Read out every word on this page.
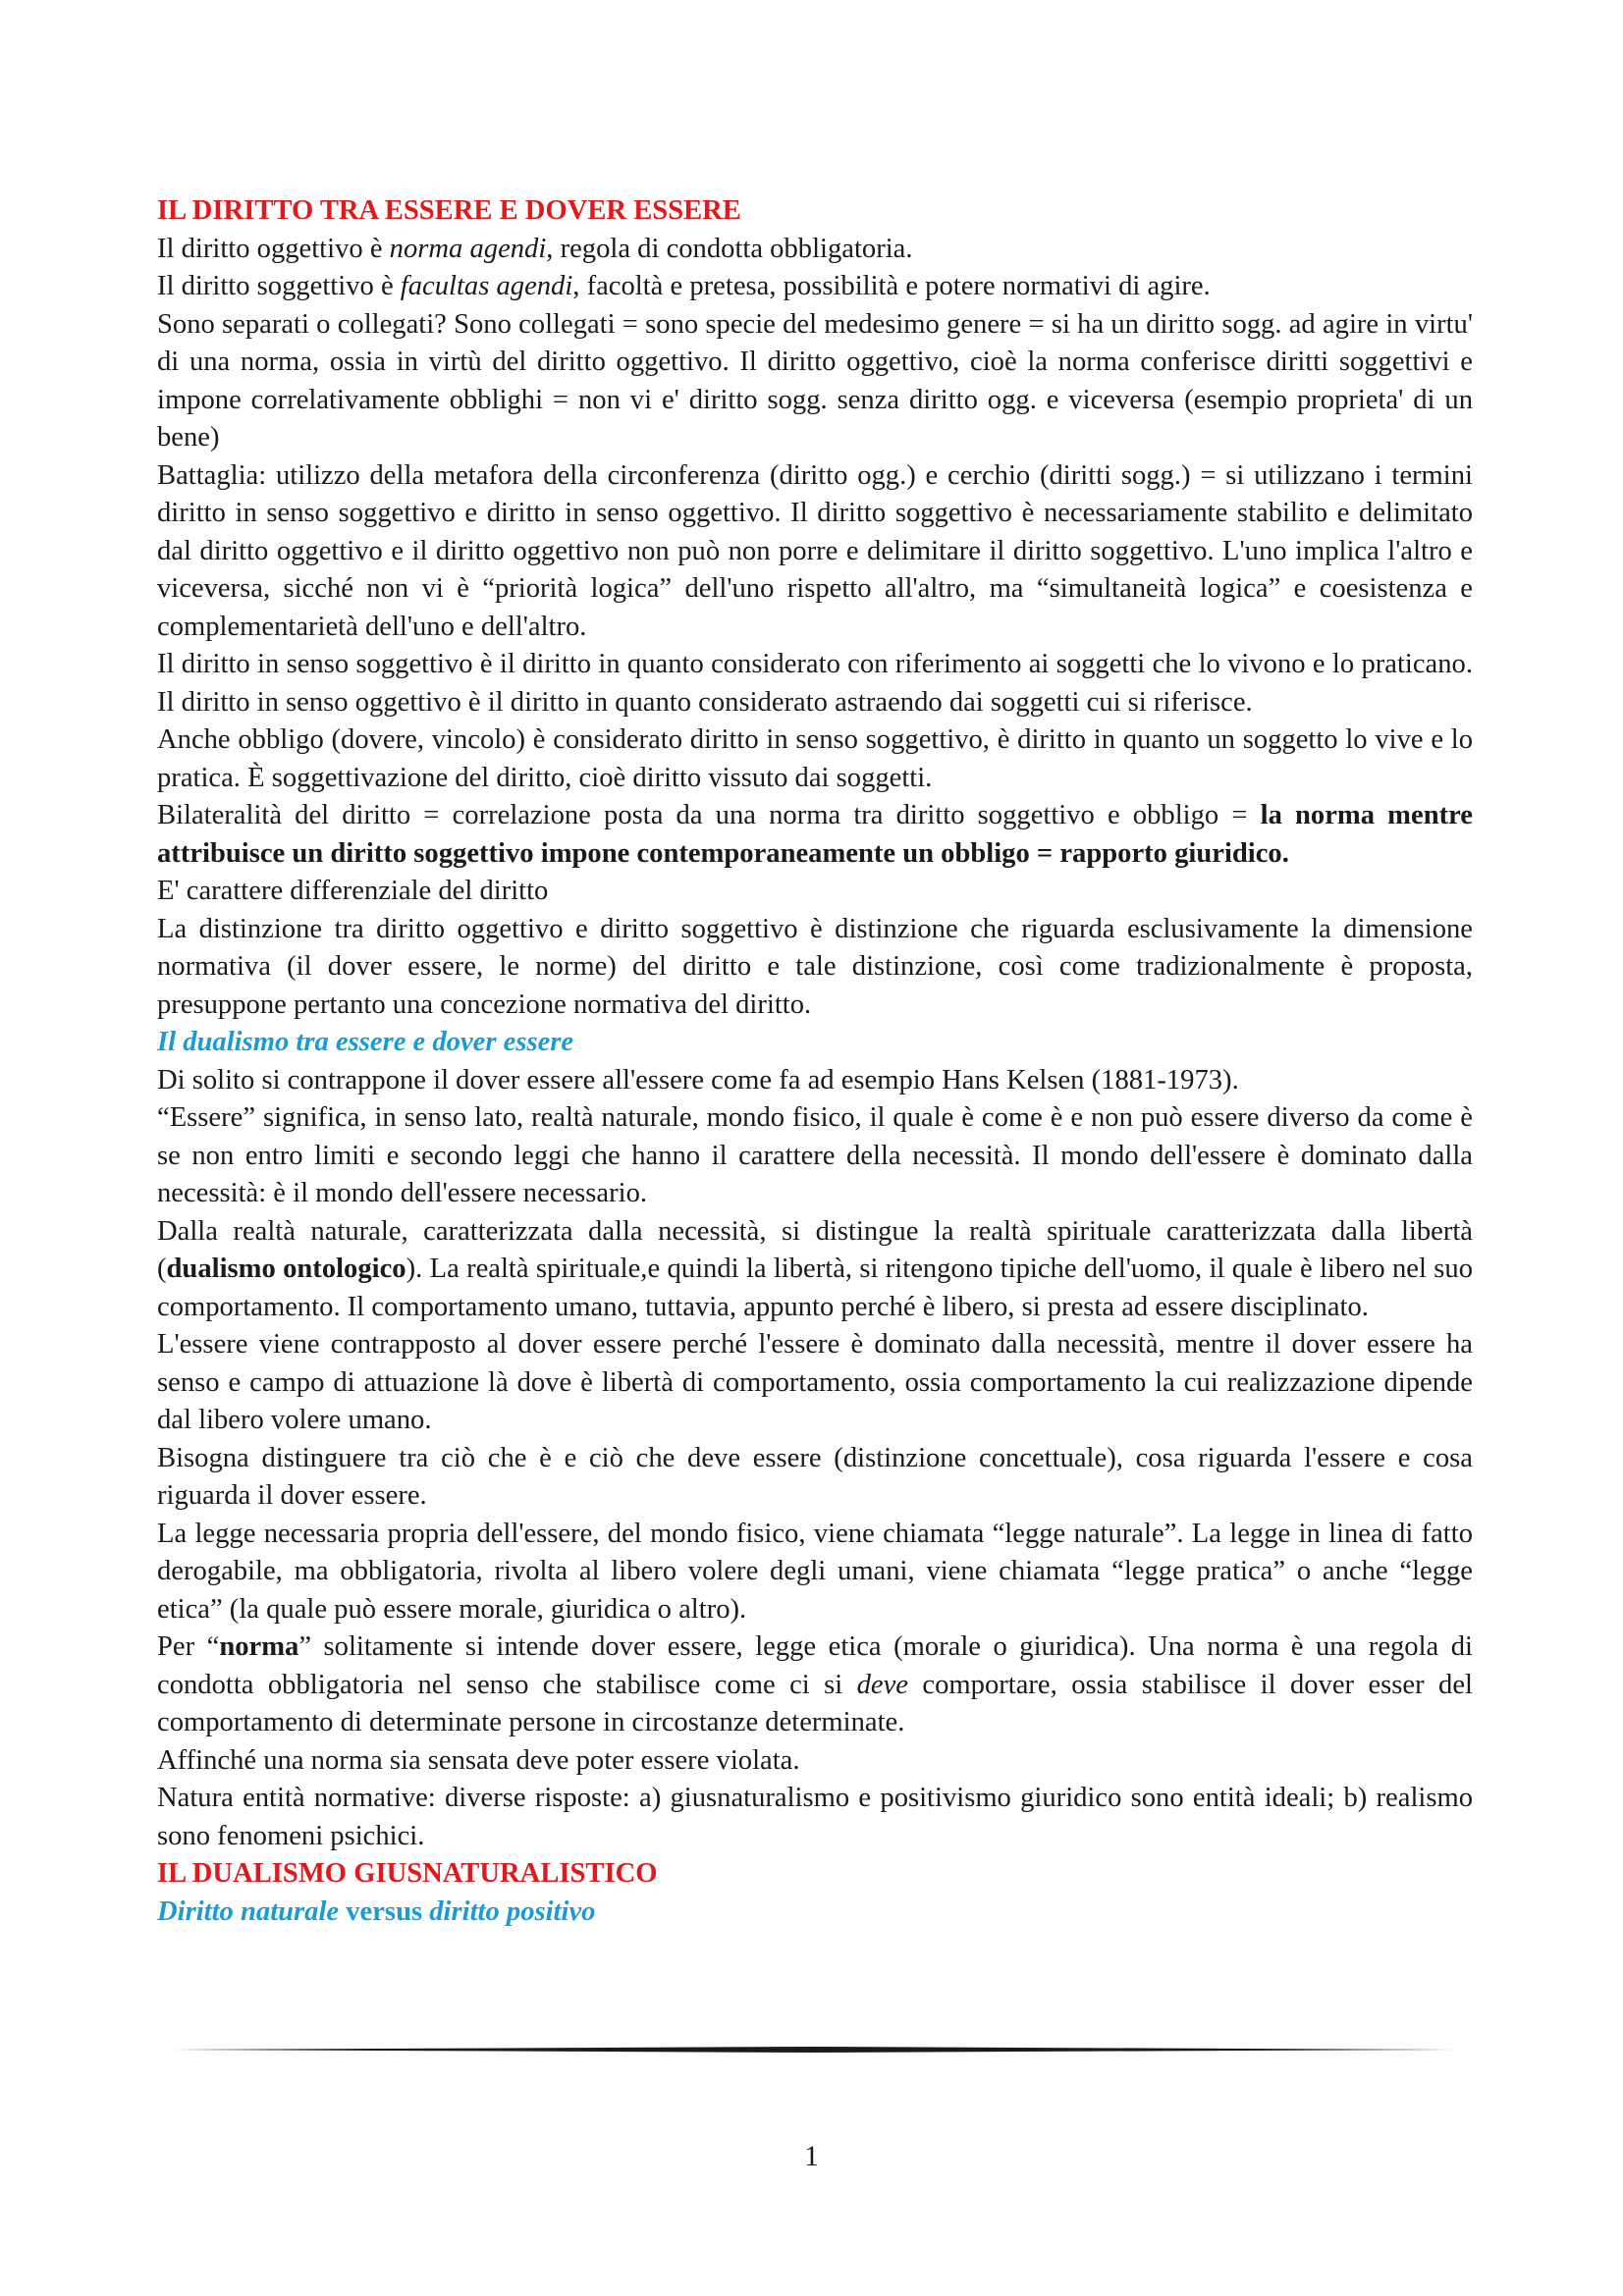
IL DIRITTO TRA ESSERE E DOVER ESSERE

Il diritto oggettivo è norma agendi, regola di condotta obbligatoria.

Il diritto soggettivo è facultas agendi, facoltà e pretesa, possibilità e potere normativi di agire.

Sono separati o collegati? Sono collegati = sono specie del medesimo genere = si ha un diritto sogg. ad agire in virtu' di una norma, ossia in virtù del diritto oggettivo. Il diritto oggettivo, cioè la norma conferisce diritti soggettivi e impone correlativamente obblighi = non vi e' diritto sogg. senza diritto ogg. e viceversa (esempio proprieta' di un bene)

Battaglia: utilizzo della metafora della circonferenza (diritto ogg.) e cerchio (diritti sogg.) = si utilizzano i termini diritto in senso soggettivo e diritto in senso oggettivo. Il diritto soggettivo è necessariamente stabilito e delimitato dal diritto oggettivo e il diritto oggettivo non può non porre e delimitare il diritto soggettivo. L'uno implica l'altro e viceversa, sicché non vi è “priorità logica” dell'uno rispetto all'altro, ma “simultaneità logica” e coesistenza e complementarietà dell'uno e dell'altro.

Il diritto in senso soggettivo è il diritto in quanto considerato con riferimento ai soggetti che lo vivono e lo praticano. Il diritto in senso oggettivo è il diritto in quanto considerato astraendo dai soggetti cui si riferisce.

Anche obbligo (dovere, vincolo) è considerato diritto in senso soggettivo, è diritto in quanto un soggetto lo vive e lo pratica. È soggettivazione del diritto, cioè diritto vissuto dai soggetti.

Bilateralità del diritto = correlazione posta da una norma tra diritto soggettivo e obbligo = la norma mentre attribuisce un diritto soggettivo impone contemporaneamente un obbligo = rapporto giuridico.

E' carattere differenziale del diritto

La distinzione tra diritto oggettivo e diritto soggettivo è distinzione che riguarda esclusivamente la dimensione normativa (il dover essere, le norme) del diritto e tale distinzione, così come tradizionalmente è proposta, presuppone pertanto una concezione normativa del diritto.

Il dualismo tra essere e dover essere

Di solito si contrappone il dover essere all'essere come fa ad esempio Hans Kelsen (1881-1973).

“Essere” significa, in senso lato, realtà naturale, mondo fisico, il quale è come è e non può essere diverso da come è se non entro limiti e secondo leggi che hanno il carattere della necessità. Il mondo dell'essere è dominato dalla necessità: è il mondo dell'essere necessario.

Dalla realtà naturale, caratterizzata dalla necessità, si distingue la realtà spirituale caratterizzata dalla libertà (dualismo ontologico). La realtà spirituale,e quindi la libertà, si ritengono tipiche dell'uomo, il quale è libero nel suo comportamento. Il comportamento umano, tuttavia, appunto perché è libero, si presta ad essere disciplinato.

L'essere viene contrapposto al dover essere perché l'essere è dominato dalla necessità, mentre il dover essere ha senso e campo di attuazione là dove è libertà di comportamento, ossia comportamento la cui realizzazione dipende dal libero volere umano.

Bisogna distinguere tra ciò che è e ciò che deve essere (distinzione concettuale), cosa riguarda l'essere e cosa riguarda il dover essere.

La legge necessaria propria dell'essere, del mondo fisico, viene chiamata “legge naturale”. La legge in linea di fatto derogabile, ma obbligatoria, rivolta al libero volere degli umani, viene chiamata “legge pratica” o anche “legge etica” (la quale può essere morale, giuridica o altro).

Per “norma” solitamente si intende dover essere, legge etica (morale o giuridica). Una norma è una regola di condotta obbligatoria nel senso che stabilisce come ci si deve comportare, ossia stabilisce il dover esser del comportamento di determinate persone in circostanze determinate.

Affinché una norma sia sensata deve poter essere violata.

Natura entità normative: diverse risposte: a) giusnaturalismo e positivismo giuridico sono entità ideali; b) realismo sono fenomeni psichici.

IL DUALISMO GIUSNATURALISTICO

Diritto naturale versus diritto positivo

1
